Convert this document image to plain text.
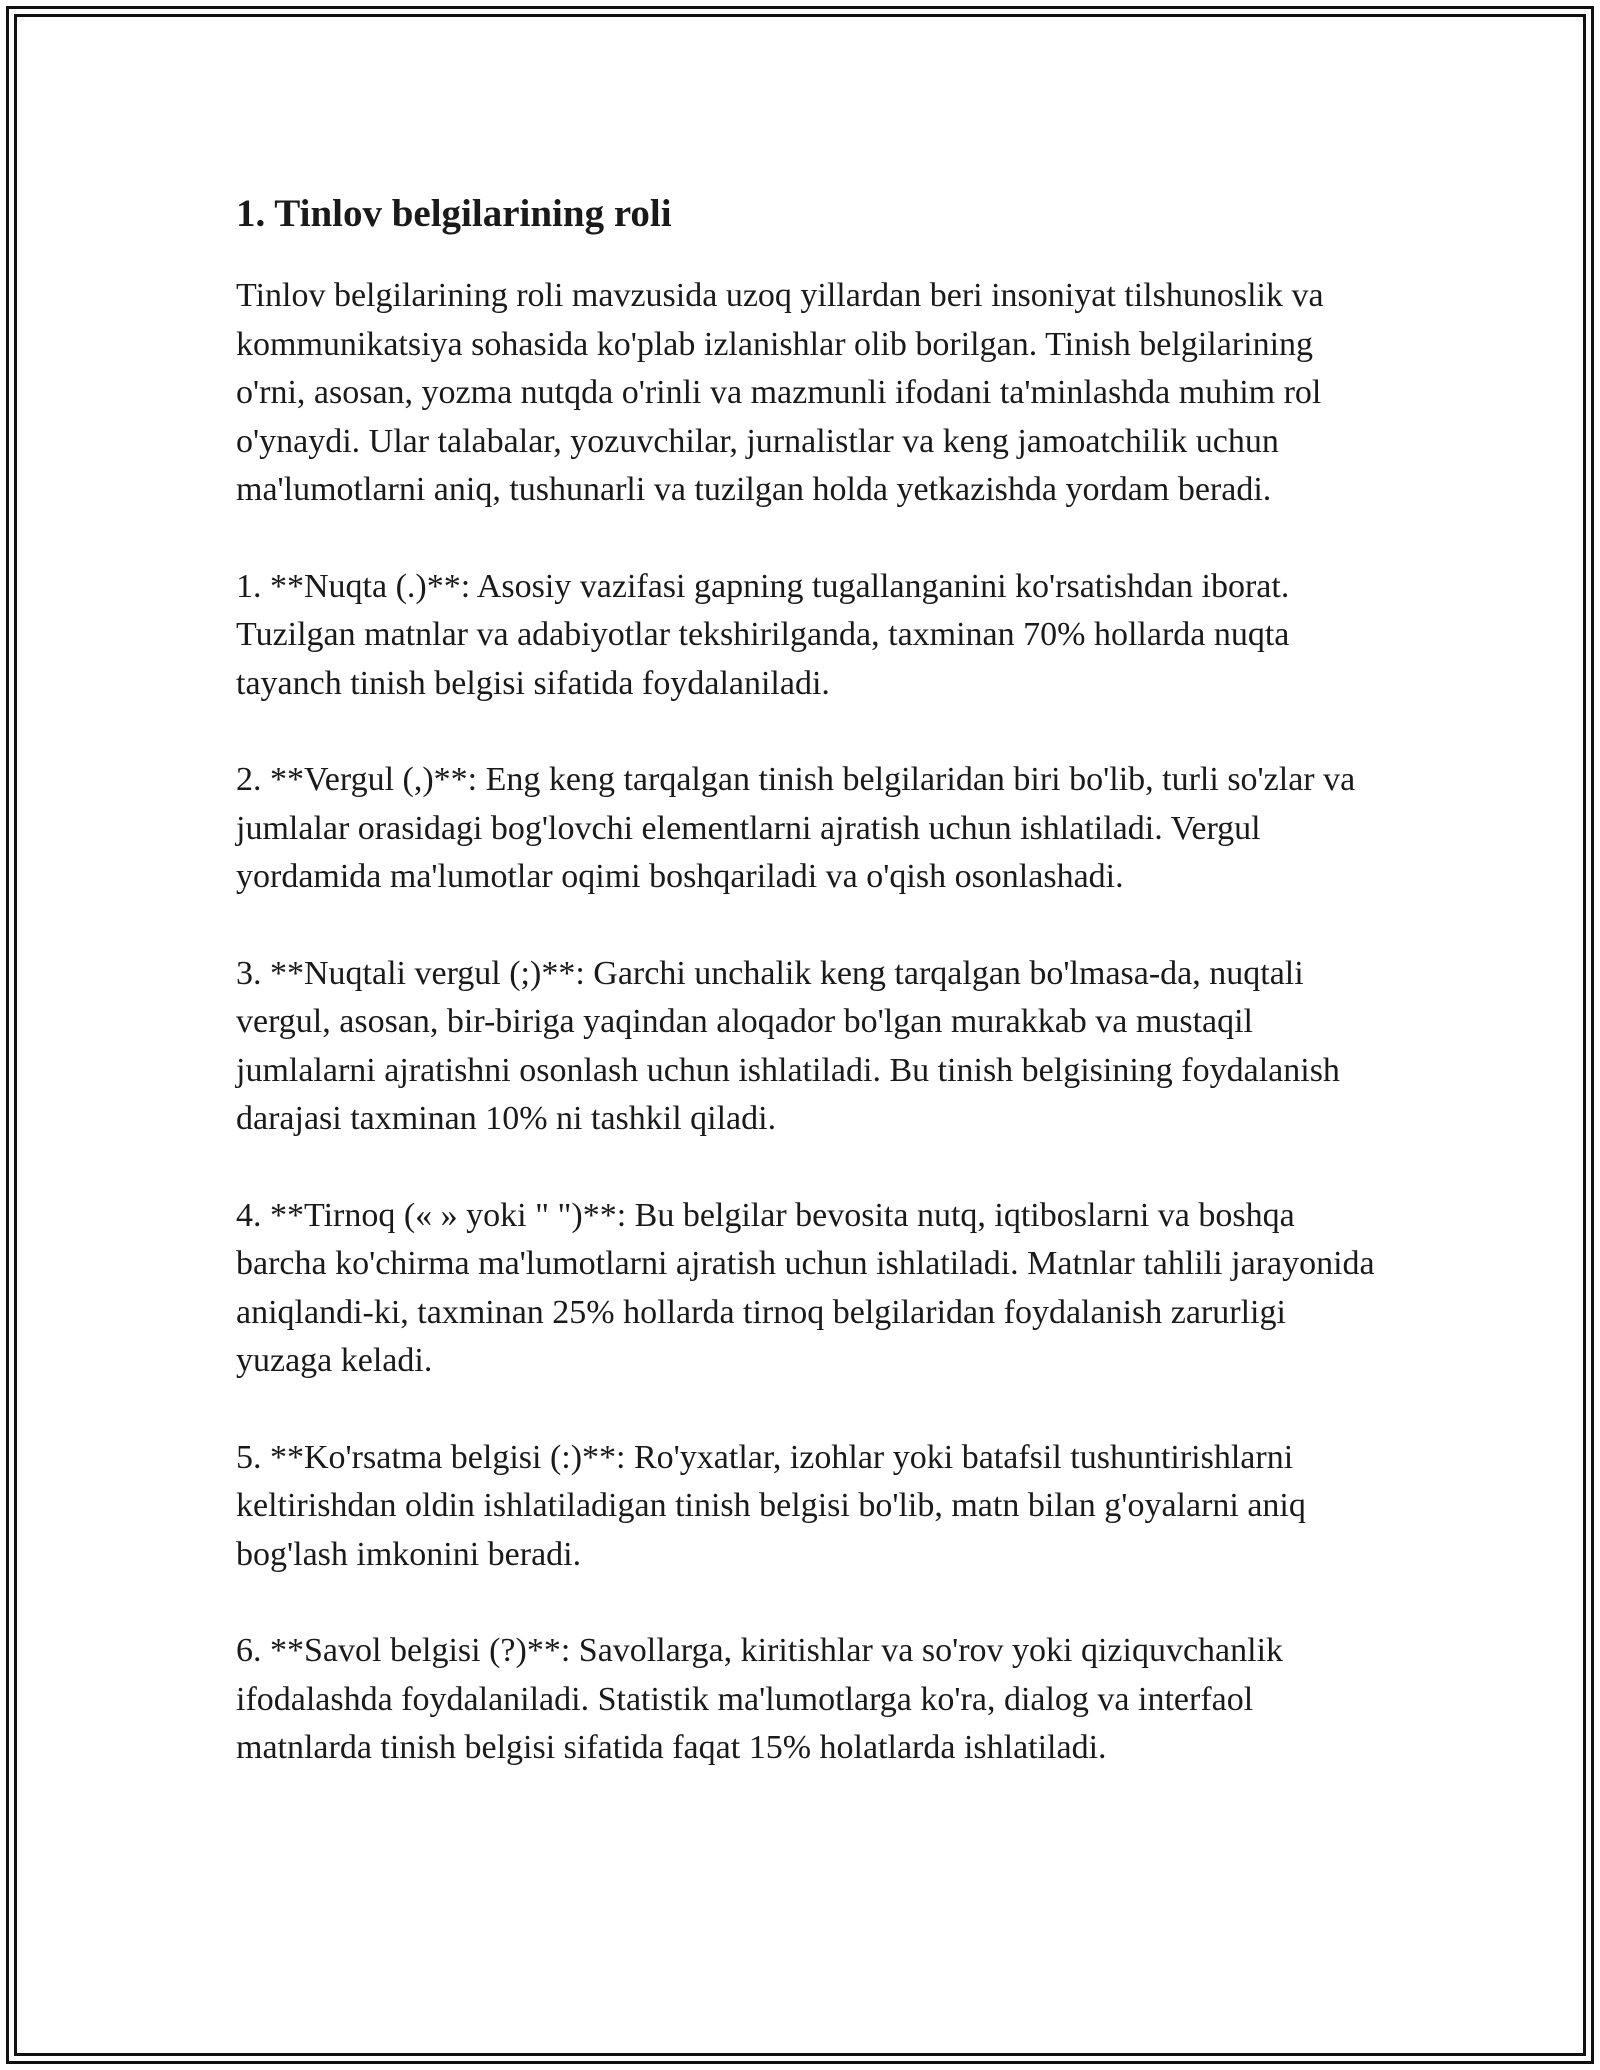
1. Tinlov belgilarining roli

Tinlov belgilarining roli mavzusida uzoq yillardan beri insoniyat tilshunoslik va kommunikatsiya sohasida ko'plab izlanishlar olib borilgan. Tinish belgilarining o'rni, asosan, yozma nutqda o'rinli va mazmunli ifodani ta'minlashda muhim rol o'ynaydi. Ular talabalar, yozuvchilar, jurnalistlar va keng jamoatchilik uchun ma'lumotlarni aniq, tushunarli va tuzilgan holda yetkazishda yordam beradi.

1. **Nuqta (.)**: Asosiy vazifasi gapning tugallanganini ko'rsatishdan iborat. Tuzilgan matnlar va adabiyotlar tekshirilganda, taxminan 70% hollarda nuqta tayanch tinish belgisi sifatida foydalaniladi.

2. **Vergul (,)**: Eng keng tarqalgan tinish belgilaridan biri bo'lib, turli so'zlar va jumlalar orasidagi bog'lovchi elementlarni ajratish uchun ishlatiladi. Vergul yordamida ma'lumotlar oqimi boshqariladi va o'qish osonlashadi.

3. **Nuqtali vergul (;)**: Garchi unchalik keng tarqalgan bo'lmasa-da, nuqtali vergul, asosan, bir-biriga yaqindan aloqador bo'lgan murakkab va mustaqil jumlalarni ajratishni osonlash uchun ishlatiladi. Bu tinish belgisining foydalanish darajasi taxminan 10% ni tashkil qiladi.

4. **Tirnoq (« » yoki " ")**: Bu belgilar bevosita nutq, iqtiboslarni va boshqa barcha ko'chirma ma'lumotlarni ajratish uchun ishlatiladi. Matnlar tahlili jarayonida aniqlandi-ki, taxminan 25% hollarda tirnoq belgilaridan foydalanish zarurligi yuzaga keladi.

5. **Ko'rsatma belgisi (:)**: Ro'yxatlar, izohlar yoki batafsil tushuntirishlarni keltirishdan oldin ishlatiladigan tinish belgisi bo'lib, matn bilan g'oyalarni aniq bog'lash imkonini beradi.

6. **Savol belgisi (?)**: Savollarga, kiritishlar va so'rov yoki qiziquvchanlik ifodalashda foydalaniladi. Statistik ma'lumotlarga ko'ra, dialog va interfaol matnlarda tinish belgisi sifatida faqat 15% holatlarda ishlatiladi.
